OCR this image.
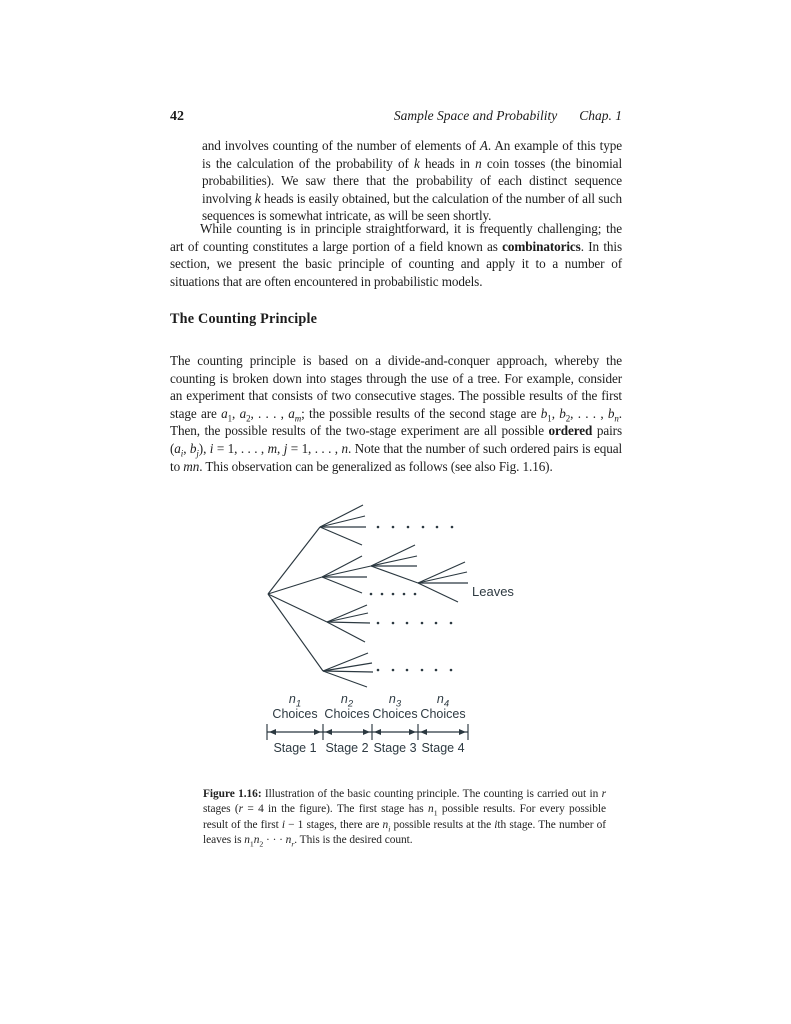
42	Sample Space and Probability Chap. 1
and involves counting of the number of elements of A. An example of this type is the calculation of the probability of k heads in n coin tosses (the binomial probabilities). We saw there that the probability of each distinct sequence involving k heads is easily obtained, but the calculation of the number of all such sequences is somewhat intricate, as will be seen shortly.
While counting is in principle straightforward, it is frequently challenging; the art of counting constitutes a large portion of a field known as combinatorics. In this section, we present the basic principle of counting and apply it to a number of situations that are often encountered in probabilistic models.
The Counting Principle
The counting principle is based on a divide-and-conquer approach, whereby the counting is broken down into stages through the use of a tree. For example, consider an experiment that consists of two consecutive stages. The possible results of the first stage are $a_1$, $a_2$, . . . , $a_m$; the possible results of the second stage are $b_1$, $b_2$, . . . , $b_n$. Then, the possible results of the two-stage experiment are all possible ordered pairs ($a_i$, $b_j$), i = 1, . . . , m, j = 1, . . . , n. Note that the number of such ordered pairs is equal to mn. This observation can be generalized as follows (see also Fig. 1.16).
Leaves
$n_1$	$n_2$	$n_3$	$n_4$
Choices Choices Choices Choices
Stage 1 Stage 2 Stage 3 Stage 4
Figure 1.16: Illustration of the basic counting principle. The counting is carried out in r stages (r = 4 in the figure). The first stage has $n_1$ possible results. For every possible result of the first i − 1 stages, there are $n_i$ possible results at the ith stage. The number of leaves is $n_1n_2$ · · · $n_r$. This is the desired count.
